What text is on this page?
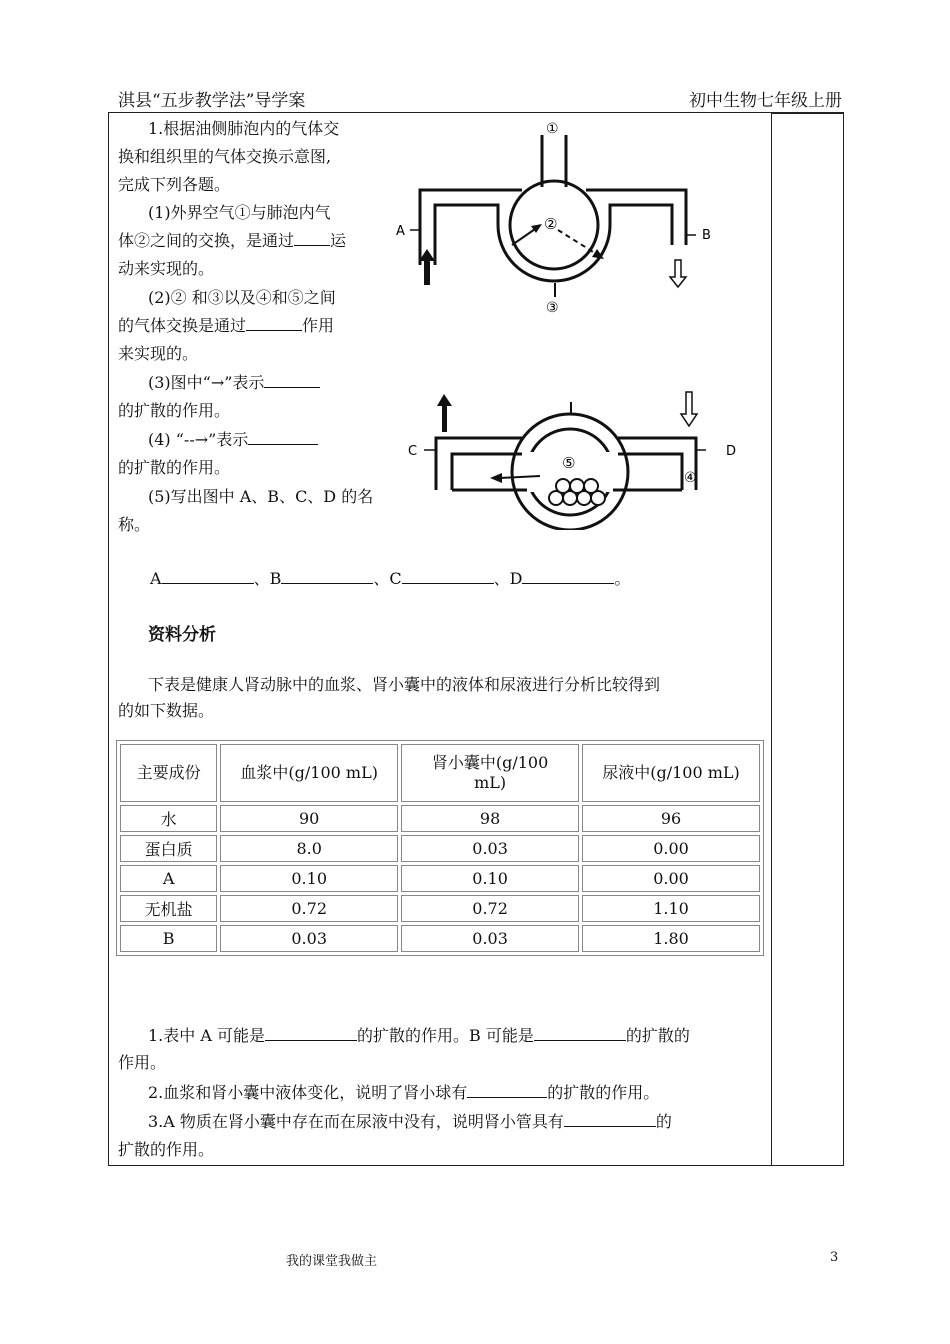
淇县“五步教学法”导学案	初中生物七年级上册
1.根据油侧肺泡内的气体交
换和组织里的气体交换示意图,
完成下列各题。
(1)外界空气①与肺泡内气
体②之间的交换，是通过 运
动来实现的。
(2)② 和③以及④和⑤之间
的气体交换是通过	作用
来实现的。
(3)图中“→”表示
的扩散的作用。
(4) “--→”表示
的扩散的作用。
(5)写出图中 A、B、C、D 的名
称。
A	、B	、C	、D	。
①
②
③
A	B
C	D
④
⑤
资料分析
下表是健康人肾动脉中的血浆、肾小囊中的液体和尿液进行分析比较得到
的如下数据。
主要成份	血浆中(g/100 mL)	肾小囊中(g/100
mL)	尿液中(g/100 mL)
水	90	98	96
蛋白质	8.0	0.03	0.00
A	0.10	0.10	0.00
无机盐	0.72	0.72	1.10
B	0.03	0.03	1.80
1.表中 A 可能是	的扩散的作用。B 可能是	的扩散的
作用。
2.血浆和肾小囊中液体变化，说明了肾小球有	的扩散的作用。
3.A 物质在肾小囊中存在而在尿液中没有，说明肾小管具有	的
扩散的作用。
我的课堂我做主	3
